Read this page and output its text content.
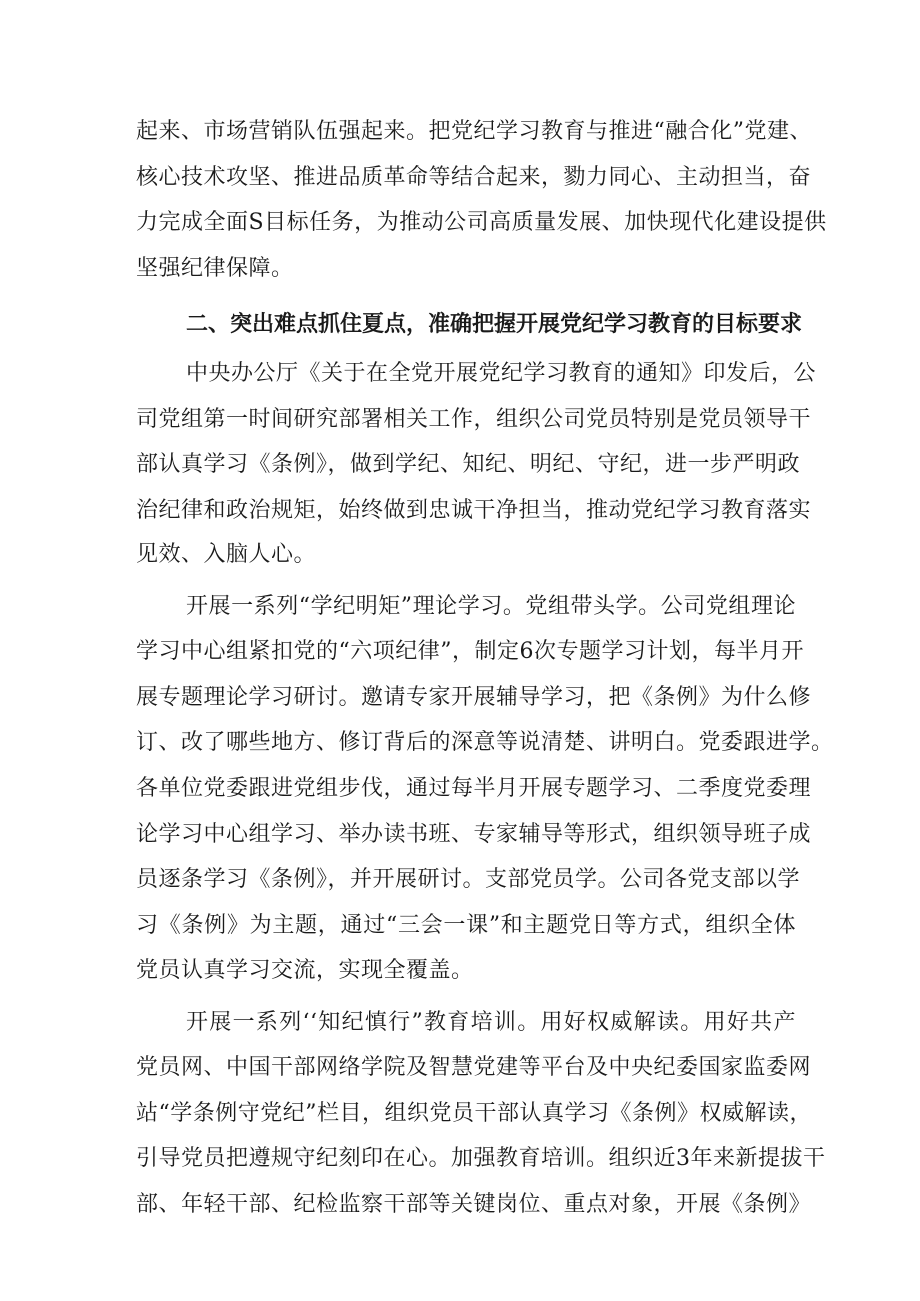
起来、市场营销队伍强起来。把党纪学习教育与推进“融合化”党建、
核心技术攻坚、推进品质革命等结合起来，勠力同心、主动担当，奋
力完成全面S目标任务，为推动公司高质量发展、加快现代化建设提供
坚强纪律保障。
二、突出难点抓住夏点，准确把握开展党纪学习教育的目标要求
中央办公厅《关于在全党开展党纪学习教育的通知》印发后，公
司党组第一时间研究部署相关工作，组织公司党员特别是党员领导干
部认真学习《条例》，做到学纪、知纪、明纪、守纪，进一步严明政
治纪律和政治规矩，始终做到忠诚干净担当，推动党纪学习教育落实
见效、入脑人心。
开展一系列“学纪明矩”理论学习。党组带头学。公司党组理论
学习中心组紧扣党的“六项纪律”，制定6次专题学习计划，每半月开
展专题理论学习研讨。邀请专家开展辅导学习，把《条例》为什么修
订、改了哪些地方、修订背后的深意等说清楚、讲明白。党委跟进学。
各单位党委跟进党组步伐，通过每半月开展专题学习、二季度党委理
论学习中心组学习、举办读书班、专家辅导等形式，组织领导班子成
员逐条学习《条例》，并开展研讨。支部党员学。公司各党支部以学
习《条例》为主题，通过“三会一课”和主题党日等方式，组织全体
党员认真学习交流，实现全覆盖。
开展一系列‘‘知纪慎行”教育培训。用好权威解读。用好共产
党员网、中国干部网络学院及智慧党建等平台及中央纪委国家监委网
站“学条例守党纪”栏目，组织党员干部认真学习《条例》权威解读，
引导党员把遵规守纪刻印在心。加强教育培训。组织近3年来新提拔干
部、年轻干部、纪检监察干部等关键岗位、重点对象，开展《条例》
